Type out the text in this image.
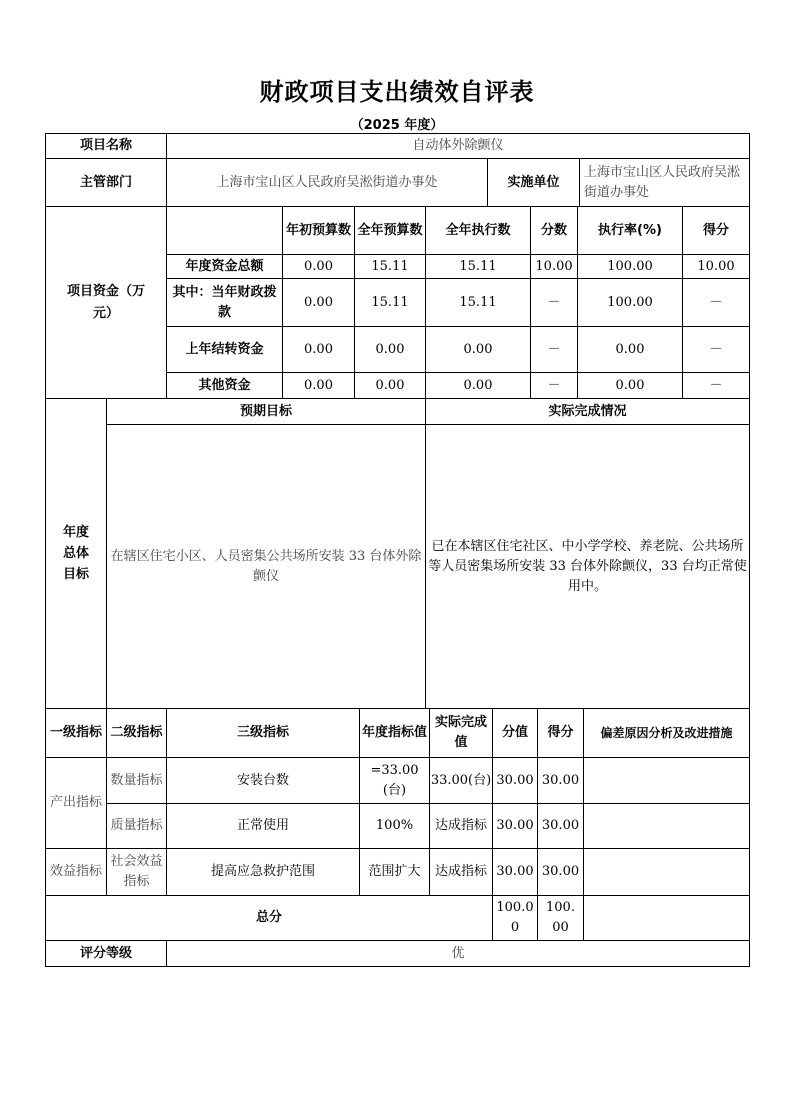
财政项目支出绩效自评表
（2025 年度）
项目名称	自动体外除颤仪		
主管部门	上海市宝山区人民政府吴淞街道办事处	实施单位	上海市宝山区人民政府吴淞街道办事处
项目资金（万元）		年初预算数	全年预算数	全年执行数	分数	执行率(%)	得分
	年度资金总额	0.00	15.11	15.11	10.00	100.00	10.00
	其中：当年财政拨款	0.00	15.11	15.11	－	100.00	－
	上年结转资金	0.00	0.00	0.00	－	0.00	－
	其他资金	0.00	0.00	0.00	－	0.00	－
年度总体目标	预期目标	实际完成情况
	在辖区住宅小区、人员密集公共场所安装 33 台体外除颤仪	已在本辖区住宅社区、中小学学校、养老院、公共场所等人员密集场所安装 33 台体外除颤仪，33 台均正常使用中。
一级指标	二级指标	三级指标	年度指标值	实际完成值	分值	得分	偏差原因分析及改进措施
产出指标	数量指标	安装台数	=33.00(台)	33.00(台)	30.00	30.00	
	质量指标	正常使用	100%	达成指标	30.00	30.00	
效益指标	社会效益指标	提高应急救护范围	范围扩大	达成指标	30.00	30.00	
总分					100.00	100.00	
评分等级	优
